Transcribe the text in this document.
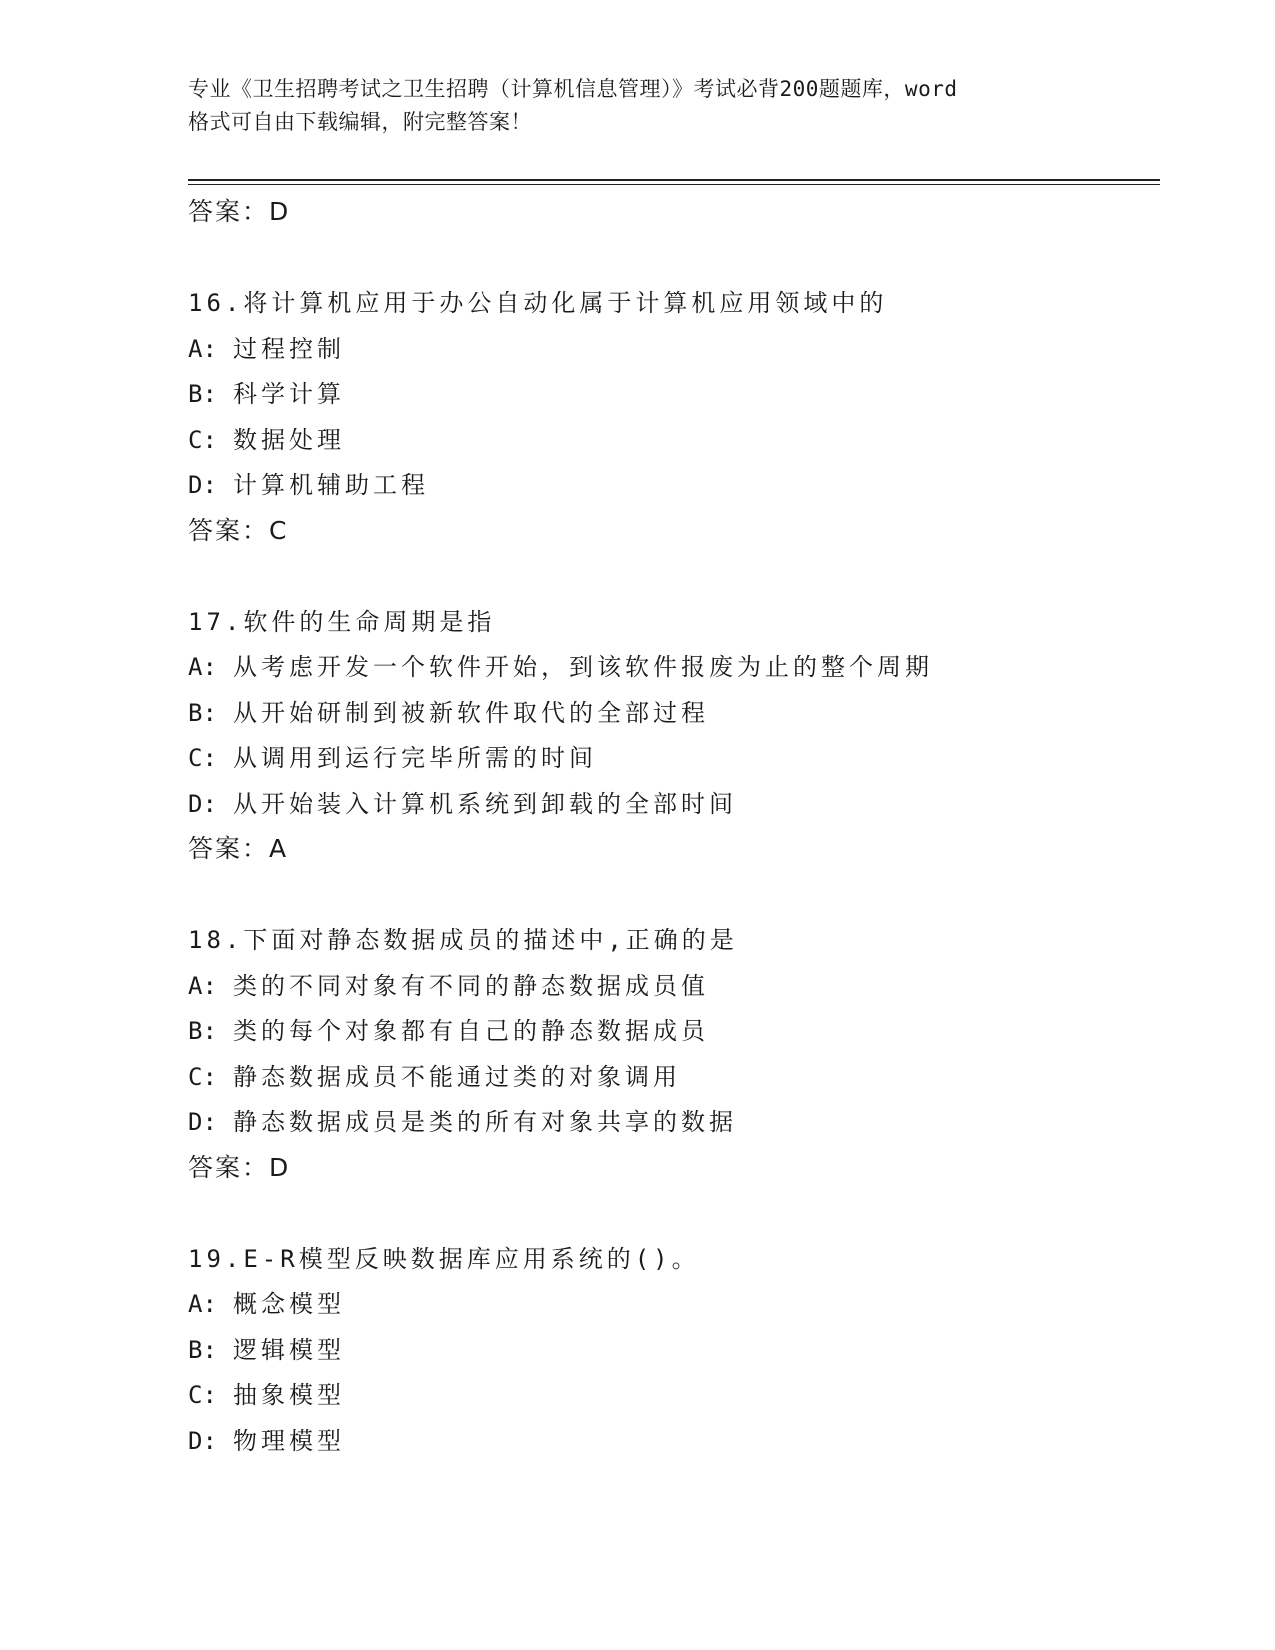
专业《卫生招聘考试之卫生招聘（计算机信息管理）》考试必背200题题库，word
格式可自由下载编辑，附完整答案！
答案：D
16.将计算机应用于办公自动化属于计算机应用领域中的
A: 过程控制
B: 科学计算
C: 数据处理
D: 计算机辅助工程
答案：C
17.软件的生命周期是指
A: 从考虑开发一个软件开始，到该软件报废为止的整个周期
B: 从开始研制到被新软件取代的全部过程
C: 从调用到运行完毕所需的时间
D: 从开始装入计算机系统到卸载的全部时间
答案：A
18.下面对静态数据成员的描述中,正确的是
A: 类的不同对象有不同的静态数据成员值
B: 类的每个对象都有自己的静态数据成员
C: 静态数据成员不能通过类的对象调用
D: 静态数据成员是类的所有对象共享的数据
答案：D
19.E-R模型反映数据库应用系统的()。
A: 概念模型
B: 逻辑模型
C: 抽象模型
D: 物理模型
